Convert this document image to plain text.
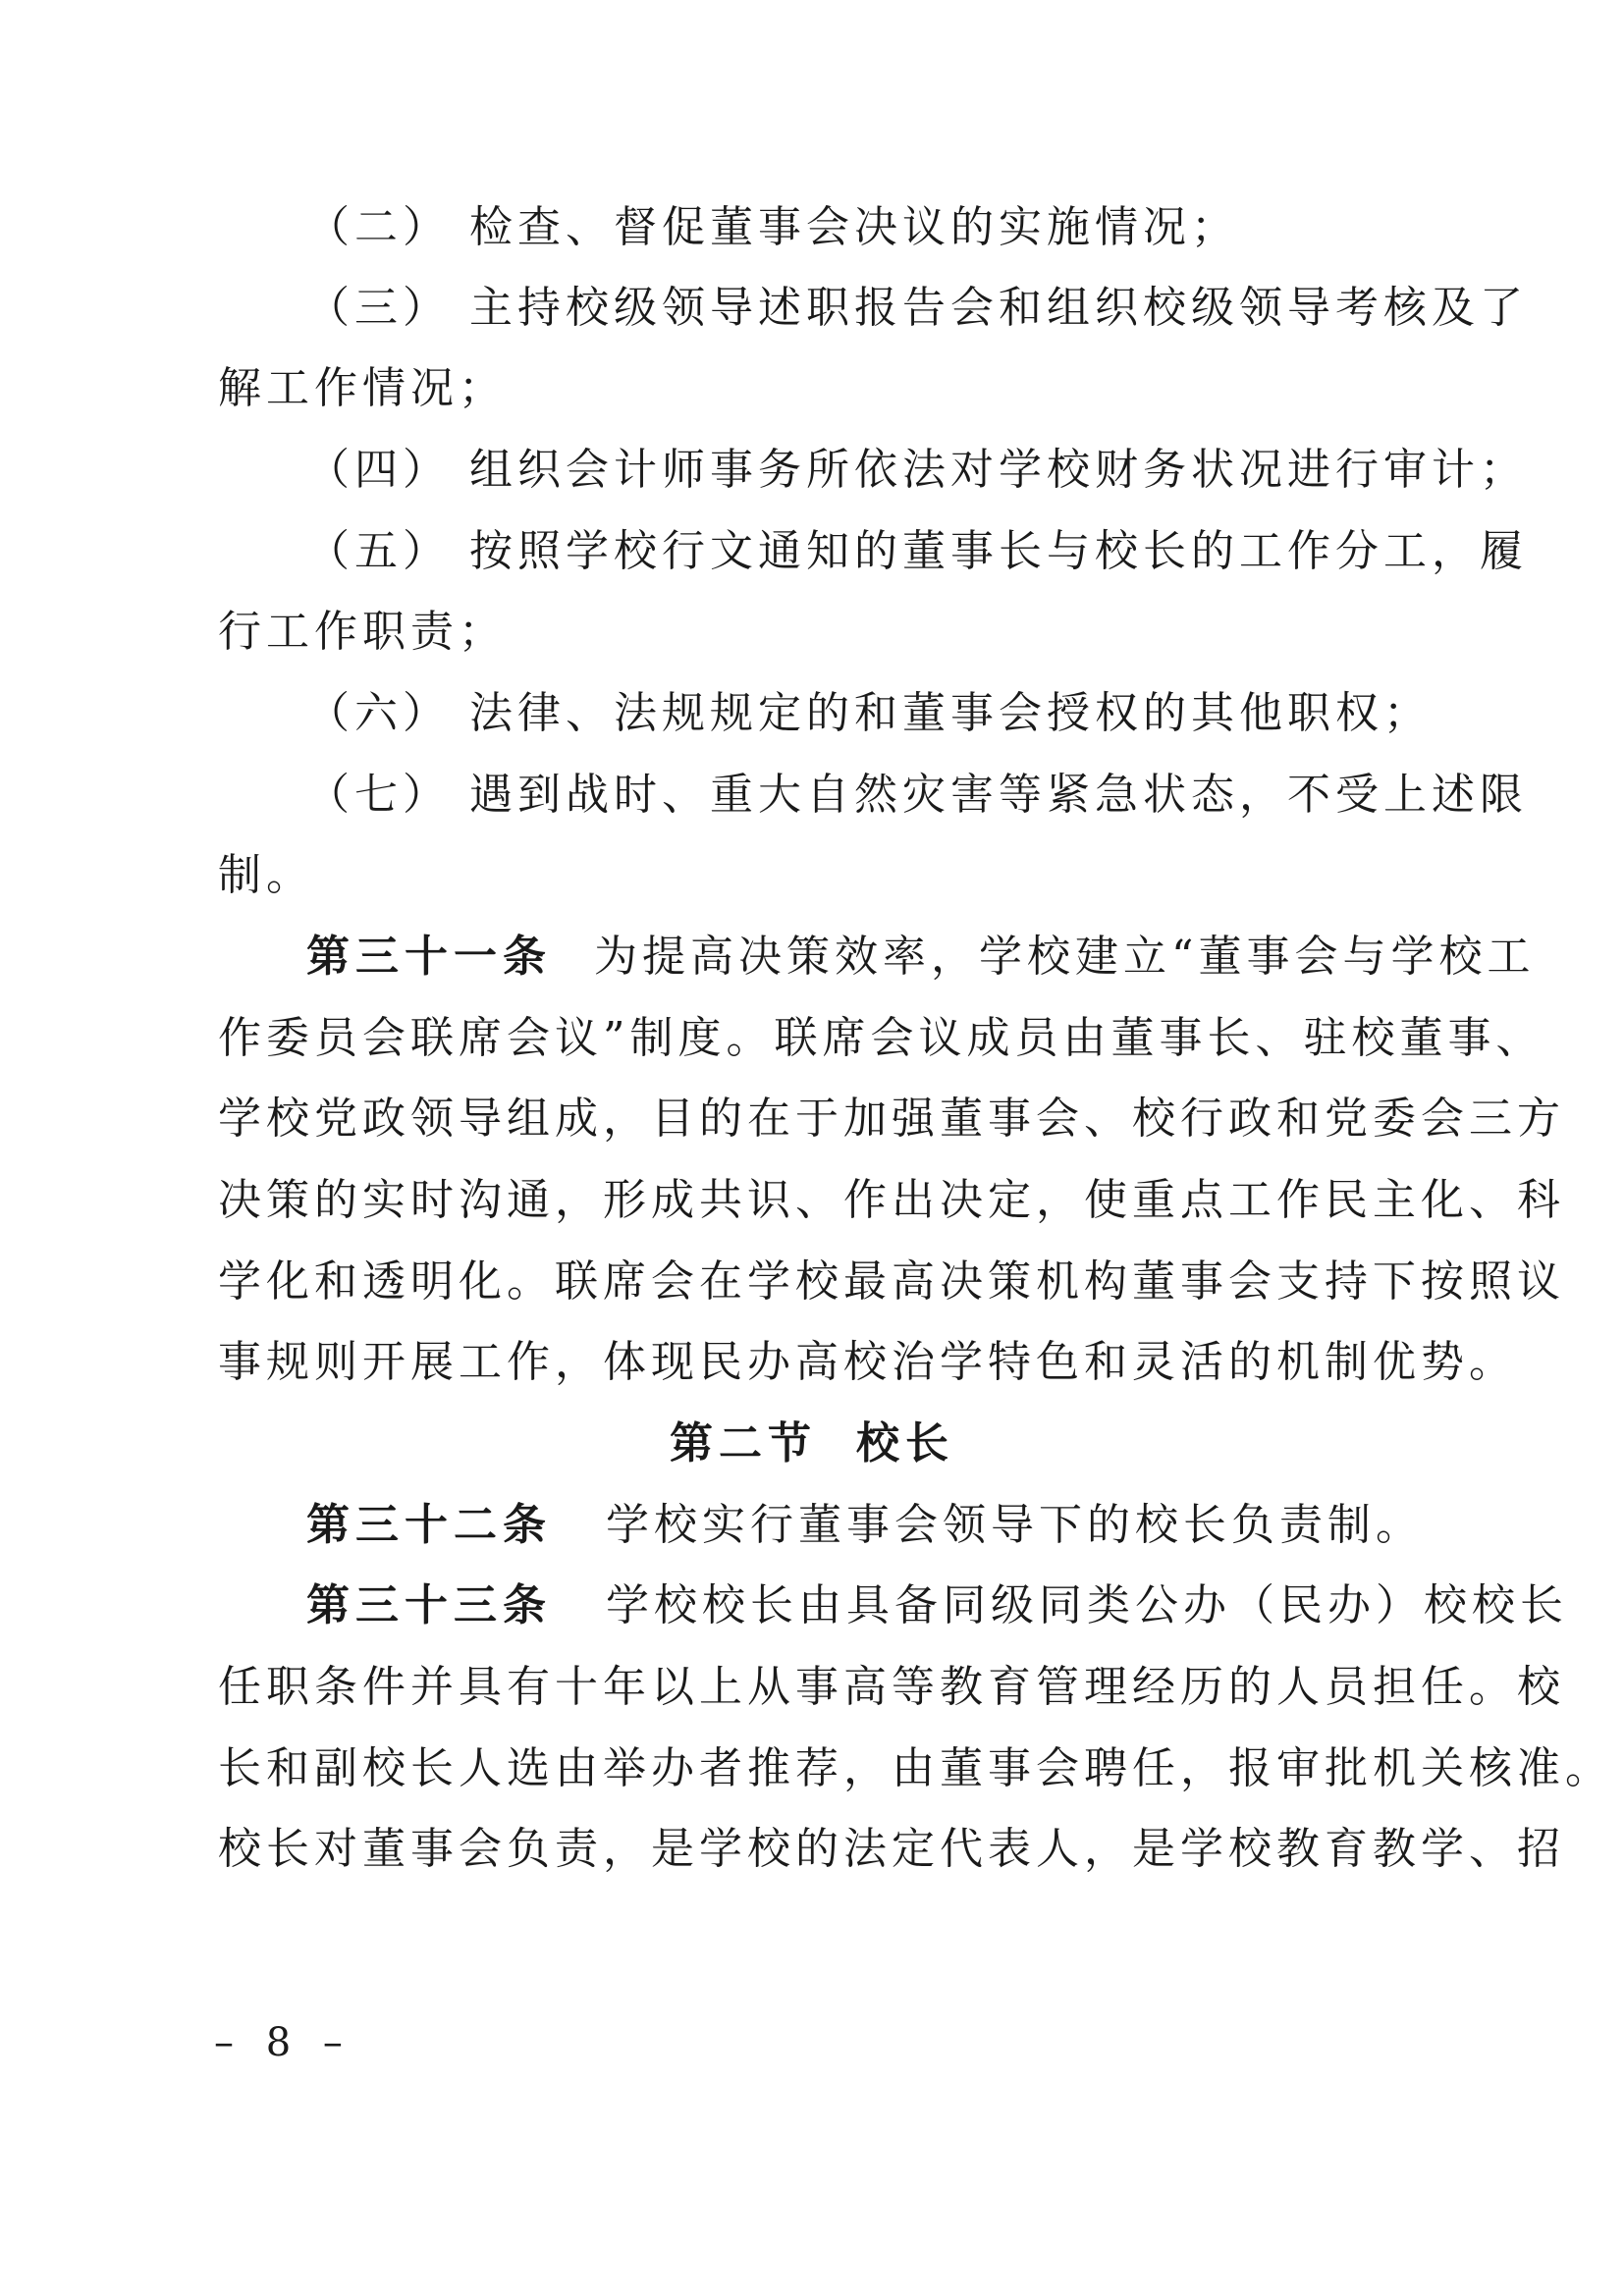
（二） 检查、督促董事会决议的实施情况；
（三） 主持校级领导述职报告会和组织校级领导考核及了
解工作情况；
（四） 组织会计师事务所依法对学校财务状况进行审计；
（五） 按照学校行文通知的董事长与校长的工作分工，履
行工作职责；
（六） 法律、法规规定的和董事会授权的其他职权；
（七） 遇到战时、重大自然灾害等紧急状态，不受上述限
制。
第三十一条 为提高决策效率，学校建立“董事会与学校工
作委员会联席会议”制度。联席会议成员由董事长、驻校董事、
学校党政领导组成，目的在于加强董事会、校行政和党委会三方
决策的实时沟通，形成共识、作出决定，使重点工作民主化、科
学化和透明化。联席会在学校最高决策机构董事会支持下按照议
事规则开展工作，体现民办高校治学特色和灵活的机制优势。
第二节 校长
第三十二条 学校实行董事会领导下的校长负责制。
第三十三条 学校校长由具备同级同类公办（民办）校校长
任职条件并具有十年以上从事高等教育管理经历的人员担任。校
长和副校长人选由举办者推荐，由董事会聘任，报审批机关核准。
校长对董事会负责，是学校的法定代表人，是学校教育教学、招
– 8 –
